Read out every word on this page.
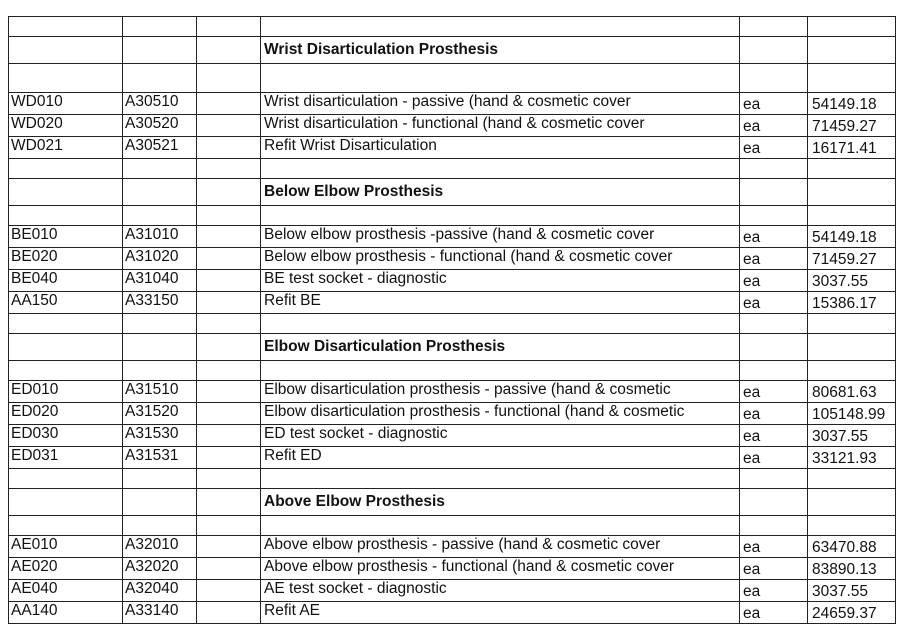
			Wrist Disarticulation Prosthesis		

WD010	A30510		Wrist disarticulation - passive (hand & cosmetic cover	ea	54149.18
WD020	A30520		Wrist disarticulation - functional (hand & cosmetic cover	ea	71459.27
WD021	A30521		Refit Wrist Disarticulation	ea	16171.41

			Below Elbow Prosthesis		

BE010	A31010		Below elbow prosthesis -passive (hand & cosmetic cover	ea	54149.18
BE020	A31020		Below elbow prosthesis - functional (hand & cosmetic cover	ea	71459.27
BE040	A31040		BE test socket - diagnostic	ea	3037.55
AA150	A33150		Refit BE	ea	15386.17

			Elbow Disarticulation Prosthesis		

ED010	A31510		Elbow disarticulation prosthesis - passive (hand & cosmetic	ea	80681.63
ED020	A31520		Elbow disarticulation prosthesis - functional (hand & cosmetic	ea	105148.99
ED030	A31530		ED test socket - diagnostic	ea	3037.55
ED031	A31531		Refit ED	ea	33121.93

			Above Elbow Prosthesis		

AE010	A32010		Above elbow prosthesis - passive (hand & cosmetic cover	ea	63470.88
AE020	A32020		Above elbow prosthesis - functional (hand & cosmetic cover	ea	83890.13
AE040	A32040		AE test socket - diagnostic	ea	3037.55
AA140	A33140		Refit AE	ea	24659.37
